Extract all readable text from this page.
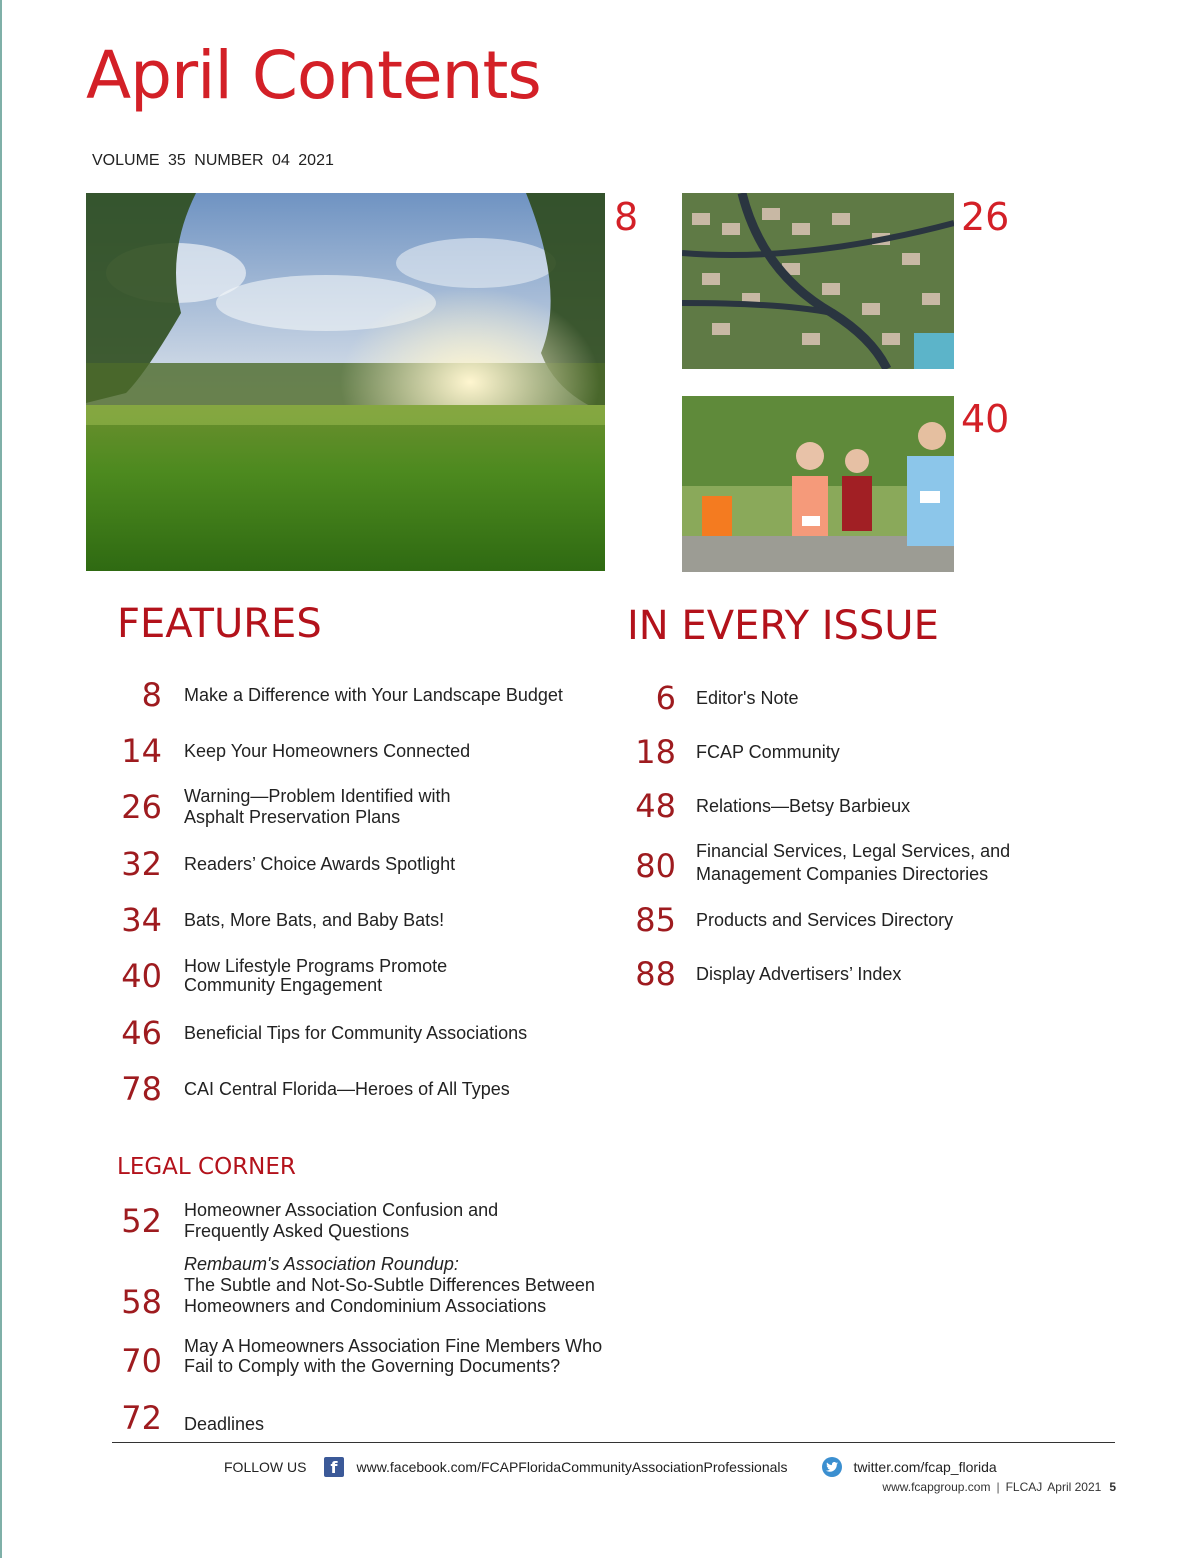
April Contents
VOLUME 35 NUMBER 04 2021
8	26
40
FEATURES
8 Make a Difference with Your Landscape Budget
14 Keep Your Homeowners Connected
26 Warning—Problem Identified with
Asphalt Preservation Plans
32 Readers’ Choice Awards Spotlight
34 Bats, More Bats, and Baby Bats!
40 How Lifestyle Programs Promote
Community Engagement
46 Beneficial Tips for Community Associations
78 CAI Central Florida—Heroes of All Types
LEGAL CORNER
52 Homeowner Association Confusion and
Frequently Asked Questions
58
Rembaum's Association Roundup:
The Subtle and Not-So-Subtle Differences Between
Homeowners and Condominium Associations
70 May A Homeowners Association Fine Members Who
Fail to Comply with the Governing Documents?
72 Deadlines
IN EVERY ISSUE
6 Editor's Note
18 FCAP Community
48 Relations—Betsy Barbieux
80 Financial Services, Legal Services, and
Management Companies Directories
85 Products and Services Directory
88 Display Advertisers’ Index
FOLLOW US
f	www.facebook.com/FCAPFloridaCommunityAssociationProfessionals	twitter.com/fcap_florida
www.fcapgroup.com | FLCAJ April 2021 5
